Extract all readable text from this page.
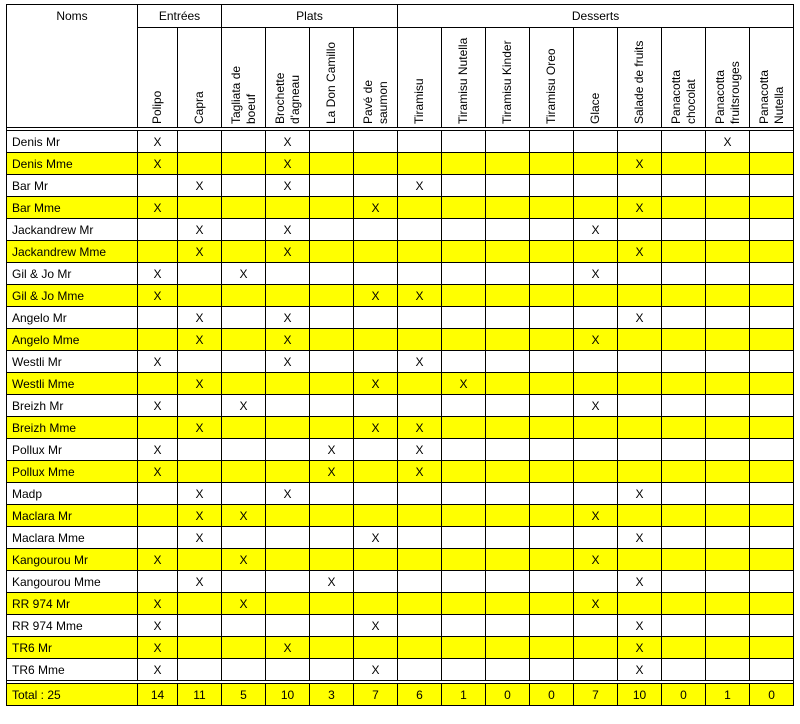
Noms	Entrées		Plats				Desserts								

	Polipo	Capra	Tagliata de boeuf	Brochette d'agneau	La Don Camillo	Pavé de saumon	Tiramisu	Tiramisu Nutella	Tiramisu Kinder	Tiramisu Oreo	Glace	Salade de fruits	Panacotta chocolat	Panacotta fruitsrouges	Panacotta Nutella

Denis Mr	X			X										X	
Denis Mme	X			X								X			
Bar Mr		X		X			X								
Bar Mme	X					X						X			
Jackandrew Mr		X		X							X				
Jackandrew Mme		X		X								X			
Gil & Jo Mr	X		X								X				
Gil & Jo Mme	X					X	X								
Angelo Mr		X		X								X			
Angelo Mme		X		X							X				
Westli Mr	X			X			X								
Westli Mme		X				X		X							
Breizh Mr	X		X								X				
Breizh Mme		X				X	X								
Pollux Mr	X				X		X								
Pollux Mme	X				X		X								
Madp		X		X								X			
Maclara Mr		X	X								X				
Maclara Mme		X				X						X			
Kangourou Mr	X		X								X				
Kangourou Mme		X			X							X			
RR 974 Mr	X		X								X				
RR 974 Mme	X					X						X			
TR6 Mr	X			X								X			
TR6 Mme	X					X						X			

Total : 25	14	11	5	10	3	7	6	1	0	0	7	10	0	1	0
